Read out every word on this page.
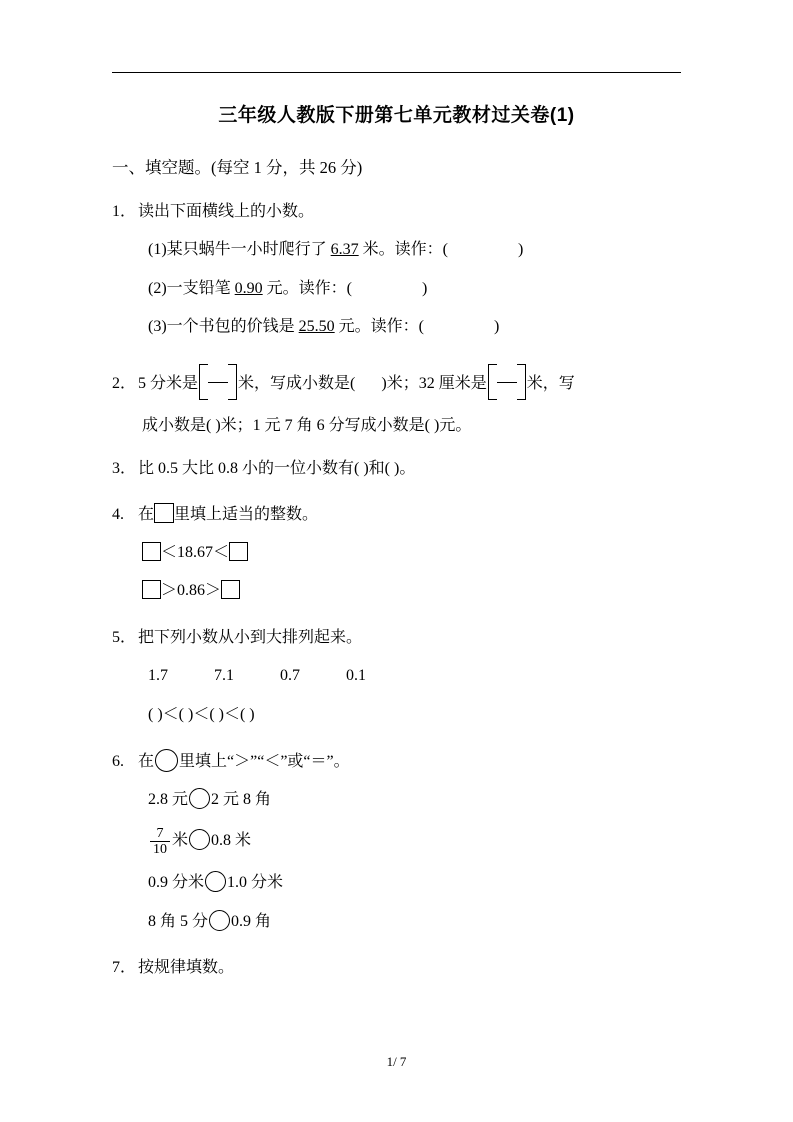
三年级人教版下册第七单元教材过关卷(1)
一、填空题。(每空 1 分，共 26 分)
1． 读出下面横线上的小数。
(1)某只蜗牛一小时爬行了 6.37 米。读作：(	)
(2)一支铅笔 0.90 元。读作：(	)
(3)一个书包的价钱是 25.50 元。读作：(	)
2． 5 分米是	米，写成小数是( )米；32 厘米是	米，写
成小数是( )米；1 元 7 角 6 分写成小数是( )元。
3． 比 0.5 大比 0.8 小的一位小数有( )和( )。
4. 在 里填上适当的整数。
＜18.67＜
＞0.86＞
5． 把下列小数从小到大排列起来。
1.7	7.1	0.7	0.1
( )＜( )＜( )＜( )
6. 在 里填上“＞”“＜”或“＝”。
2.8 元 2 元 8 角
$\frac{7}{10}$ 米 0.8 米
0.9 分米 1.0 分米
8 角 5 分 0.9 角
7． 按规律填数。
1/ 7
